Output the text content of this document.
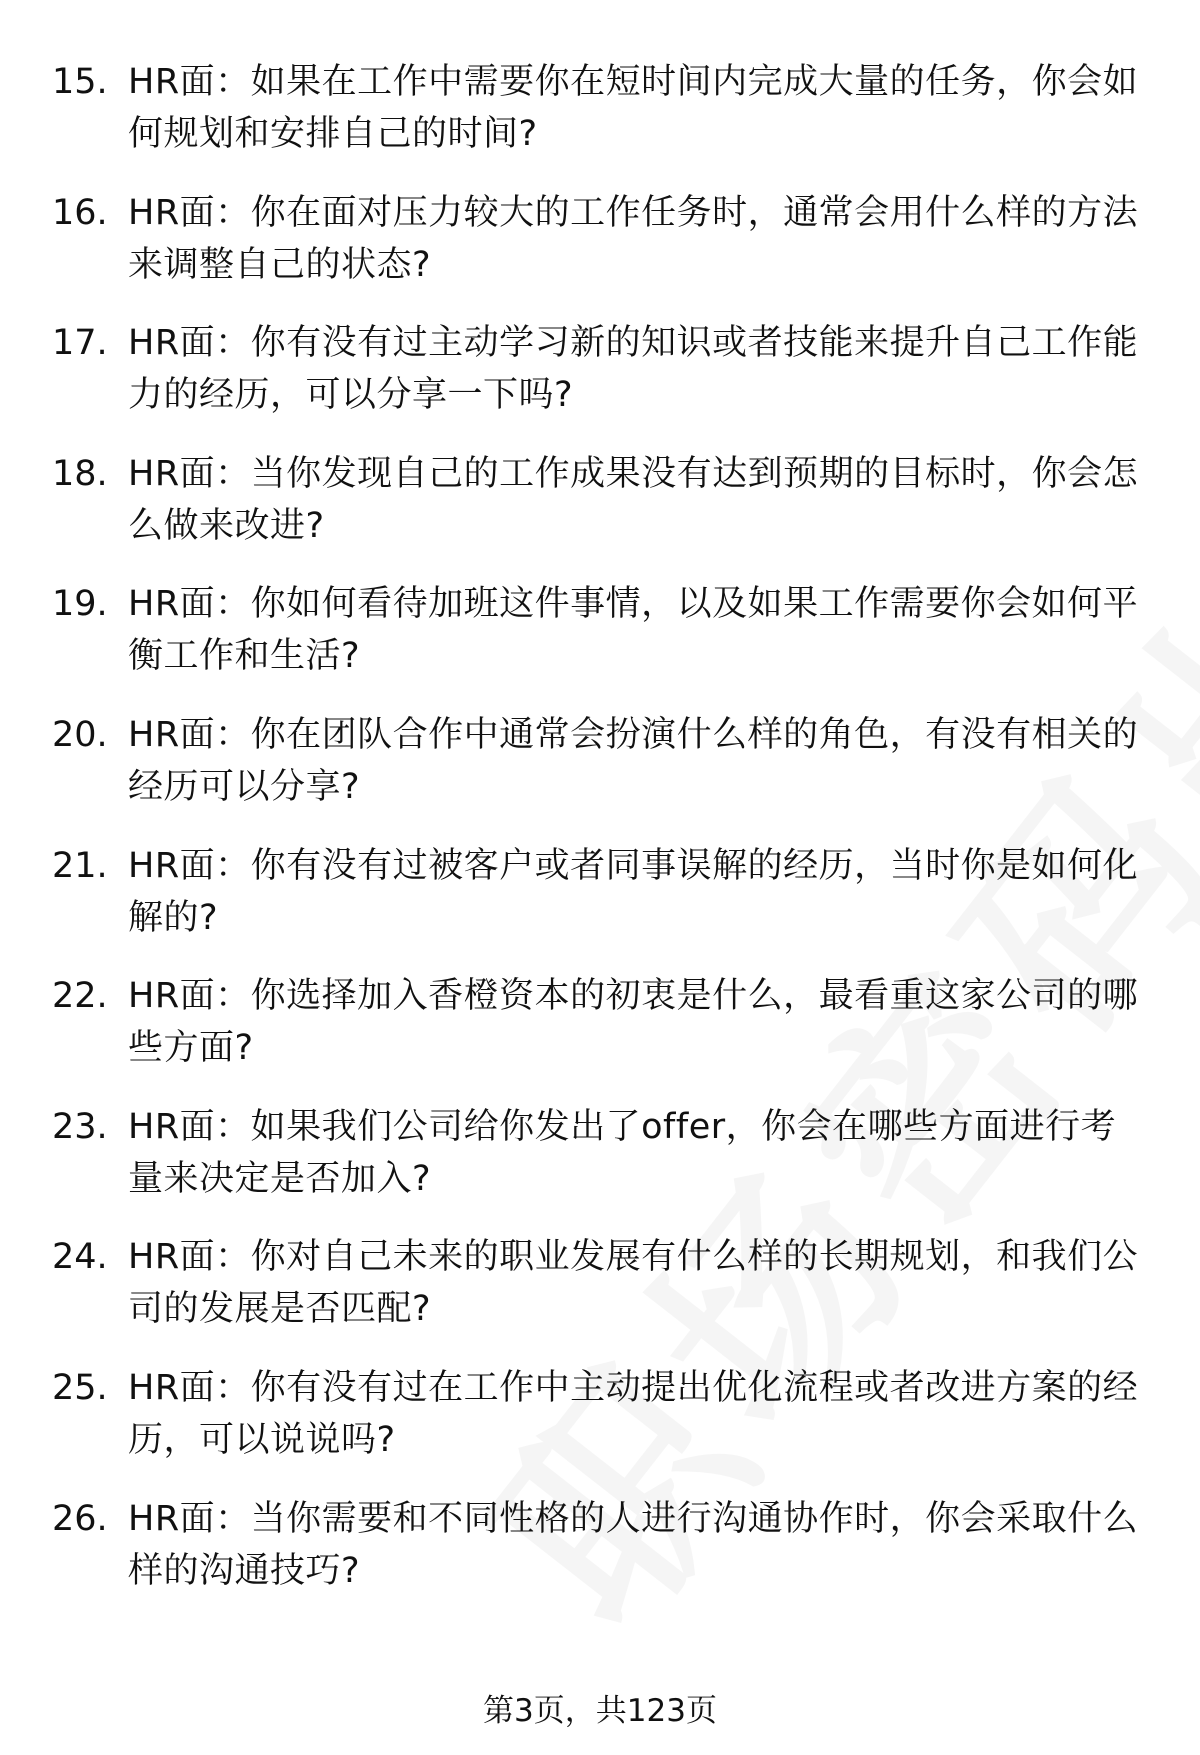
15. HR面：如果在工作中需要你在短时间内完成大量的任务，你会如何规划和安排自己的时间?
16. HR面：你在面对压力较大的工作任务时，通常会用什么样的方法来调整自己的状态?
17. HR面：你有没有过主动学习新的知识或者技能来提升自己工作能力的经历，可以分享一下吗?
18. HR面：当你发现自己的工作成果没有达到预期的目标时，你会怎么做来改进?
19. HR面：你如何看待加班这件事情，以及如果工作需要你会如何平衡工作和生活?
20. HR面：你在团队合作中通常会扮演什么样的角色，有没有相关的经历可以分享?
21. HR面：你有没有过被客户或者同事误解的经历，当时你是如何化解的?
22. HR面：你选择加入香橙资本的初衷是什么，最看重这家公司的哪些方面?
23. HR面：如果我们公司给你发出了offer，你会在哪些方面进行考量来决定是否加入?
24. HR面：你对自己未来的职业发展有什么样的长期规划，和我们公司的发展是否匹配?
25. HR面：你有没有过在工作中主动提出优化流程或者改进方案的经历，可以说说吗?
26. HR面：当你需要和不同性格的人进行沟通协作时，你会采取什么样的沟通技巧?
第3页，共123页
